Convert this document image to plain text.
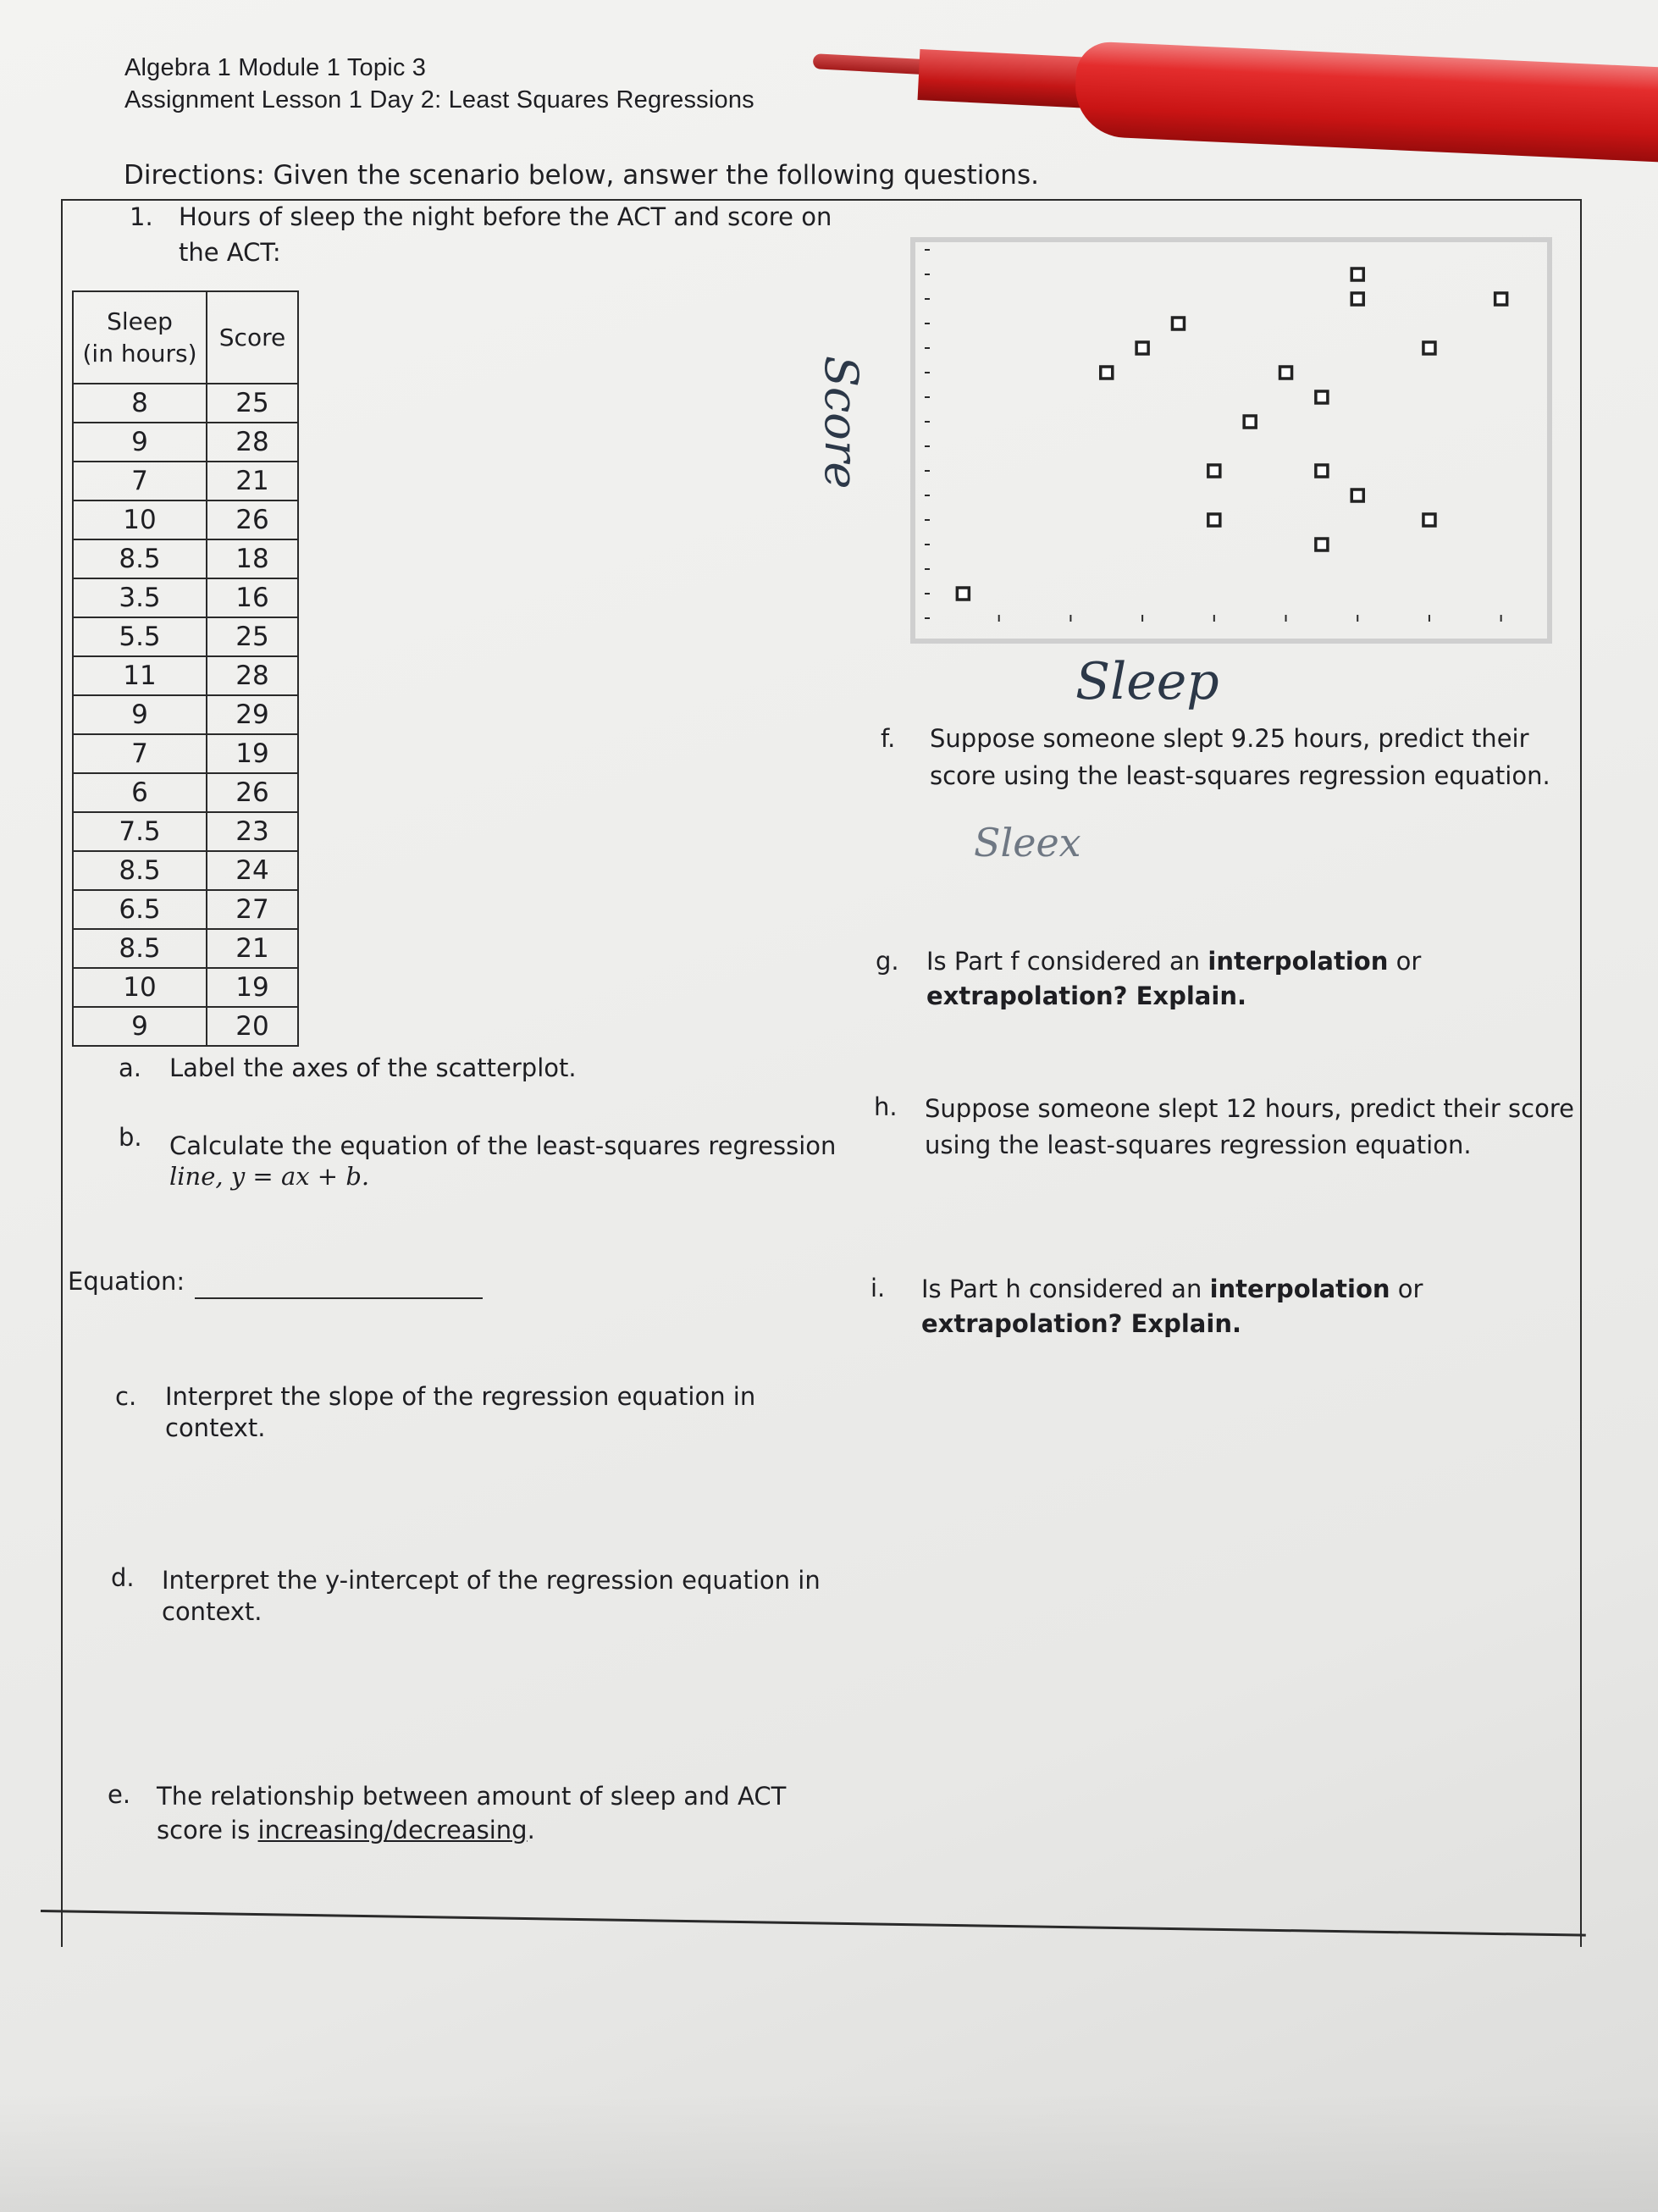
Algebra 1 Module 1 Topic 3
Assignment Lesson 1 Day 2: Least Squares Regressions
Directions: Given the scenario below, answer the following questions.
1. Hours of sleep the night before the ACT and score on
the ACT:
Sleep
(in hours)	Score
8	25
9	28
7	21
10	26
8.5	18
3.5	16
5.5	25
11	28
9	29
7	19
6	26
7.5	23
8.5	24
6.5	27
8.5	21
10	19
9	20
a. Label the axes of the scatterplot.
b. Calculate the equation of the least-squares regression
line, y = ax + b.
Equation:
c. Interpret the slope of the regression equation in
context.
d. Interpret the y-intercept of the regression equation in
context.
e. The relationship between amount of sleep and ACT
score is increasing/decreasing.
Score
Sleep
f. Suppose someone slept 9.25 hours, predict their
score using the least-squares regression equation.
Sleex
g. Is Part f considered an interpolation or
extrapolation? Explain.
h. Suppose someone slept 12 hours, predict their score
using the least-squares regression equation.
i. Is Part h considered an interpolation or
extrapolation? Explain.
